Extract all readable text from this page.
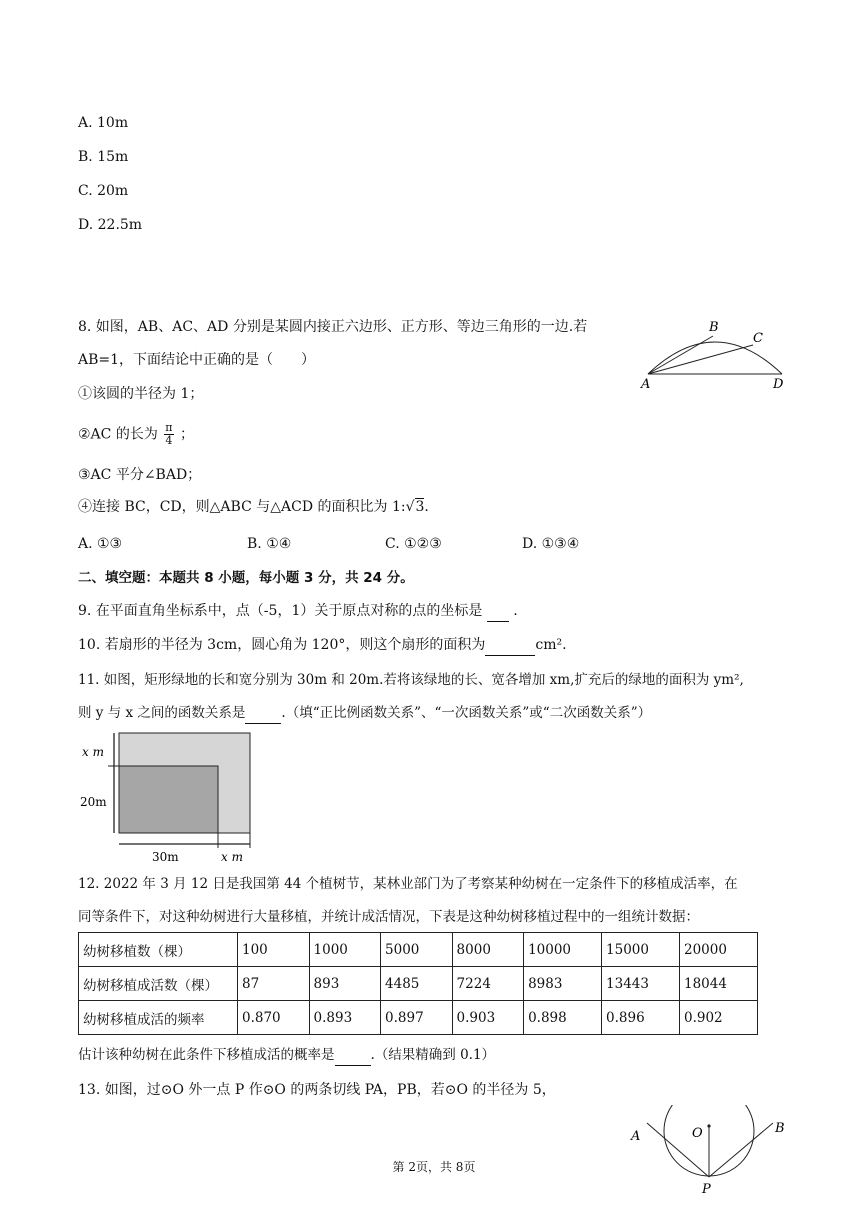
A. 10m
B. 15m
C. 20m
D. 22.5m
8. 如图，AB、AC、AD 分别是某圆内接正六边形、正方形、等边三角形的一边.若
AB=1，下面结论中正确的是（　　）
①该圆的半径为 1；
②AC 的长为 $\frac{\pi}{4}$ ；
③AC 平分∠BAD；
④连接 BC，CD，则△ABC 与△ACD 的面积比为 1:√3.
A. ①③	B. ①④	C. ①②③	D. ①③④
A
B
C
D
二、填空题：本题共 8 小题，每小题 3 分，共 24 分。
9. 在平面直角坐标系中，点（-5，1）关于原点对称的点的坐标是 .
10. 若扇形的半径为 3cm，圆心角为 120°，则这个扇形的面积为	cm².
11. 如图，矩形绿地的长和宽分别为 30m 和 20m.若将该绿地的长、宽各增加 xm,扩充后的绿地的面积为 ym²,
则 y 与 x 之间的函数关系是	.（填“正比例函数关系”、“一次函数关系”或“二次函数关系”）
x m
20m
30m	x m
12. 2022 年 3 月 12 日是我国第 44 个植树节，某林业部门为了考察某种幼树在一定条件下的移植成活率，在
同等条件下，对这种幼树进行大量移植，并统计成活情况，下表是这种幼树移植过程中的一组统计数据：
幼树移植数（棵）	100	1000	5000	8000	10000	15000	20000
幼树移植成活数（棵）	87	893	4485	7224	8983	13443	18044
幼树移植成活的频率	0.870	0.893	0.897	0.903	0.898	0.896	0.902
估计该种幼树在此条件下移植成活的概率是	.（结果精确到 0.1）
13. 如图，过⊙O 外一点 P 作⊙O 的两条切线 PA，PB，若⊙O 的半径为 5，
O
A
B
P
第 2页，共 8页
